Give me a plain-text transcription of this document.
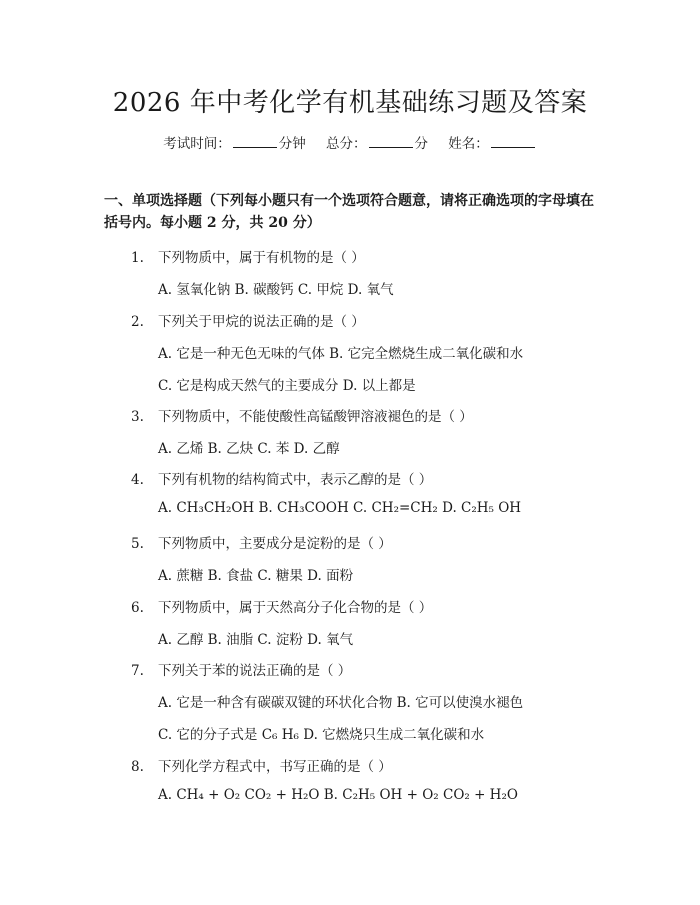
2026 年中考化学有机基础练习题及答案
考试时间：	分钟 总分：	分 姓名：
一、单项选择题（下列每小题只有一个选项符合题意，请将正确选项的字母填在括号内。每小题 2 分，共 20 分）
1. 下列物质中，属于有机物的是（ ）
A. 氢氧化钠 B. 碳酸钙 C. 甲烷 D. 氧气
2. 下列关于甲烷的说法正确的是（ ）
A. 它是一种无色无味的气体 B. 它完全燃烧生成二氧化碳和水
C. 它是构成天然气的主要成分 D. 以上都是
3. 下列物质中，不能使酸性高锰酸钾溶液褪色的是（ ）
A. 乙烯 B. 乙炔 C. 苯 D. 乙醇
4. 下列有机物的结构简式中，表示乙醇的是（ ）
A. CH₃CH₂OH B. CH₃COOH C. CH₂=CH₂ D. C₂H₅ OH
5. 下列物质中，主要成分是淀粉的是（ ）
A. 蔗糖 B. 食盐 C. 糖果 D. 面粉
6. 下列物质中，属于天然高分子化合物的是（ ）
A. 乙醇 B. 油脂 C. 淀粉 D. 氧气
7. 下列关于苯的说法正确的是（ ）
A. 它是一种含有碳碳双键的环状化合物 B. 它可以使溴水褪色
C. 它的分子式是 C₆ H₆ D. 它燃烧只生成二氧化碳和水
8. 下列化学方程式中，书写正确的是（ ）
A. CH₄ + O₂ CO₂ + H₂O B. C₂H₅ OH + O₂ CO₂ + H₂O
